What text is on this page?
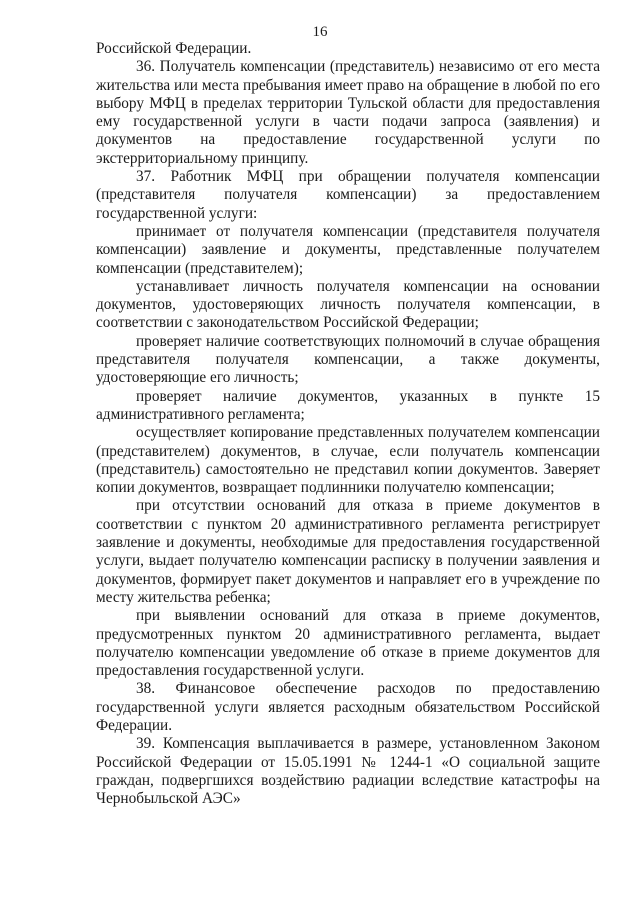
16

Российской Федерации.

36. Получатель компенсации (представитель) независимо от его места жительства или места пребывания имеет право на обращение в любой по его выбору МФЦ в пределах территории Тульской области для предоставления ему государственной услуги в части подачи запроса (заявления) и документов на предоставление государственной услуги по экстерриториальному принципу.

37. Работник МФЦ при обращении получателя компенсации (представителя получателя компенсации) за предоставлением государственной услуги:

принимает от получателя компенсации (представителя получателя компенсации) заявление и документы, представленные получателем компенсации (представителем);

устанавливает личность получателя компенсации на основании документов, удостоверяющих личность получателя компенсации, в соответствии с законодательством Российской Федерации;

проверяет наличие соответствующих полномочий в случае обращения представителя получателя компенсации, а также документы, удостоверяющие его личность;

проверяет наличие документов, указанных в пункте 15 административного регламента;

осуществляет копирование представленных получателем компенсации (представителем) документов, в случае, если получатель компенсации (представитель) самостоятельно не представил копии документов. Заверяет копии документов, возвращает подлинники получателю компенсации;

при отсутствии оснований для отказа в приеме документов в соответствии с пунктом 20 административного регламента регистрирует заявление и документы, необходимые для предоставления государственной услуги, выдает получателю компенсации расписку в получении заявления и документов, формирует пакет документов и направляет его в учреждение по месту жительства ребенка;

при выявлении оснований для отказа в приеме документов, предусмотренных пунктом 20 административного регламента, выдает получателю компенсации уведомление об отказе в приеме документов для предоставления государственной услуги.

38. Финансовое обеспечение расходов по предоставлению государственной услуги является расходным обязательством Российской Федерации.

39. Компенсация выплачивается в размере, установленном Законом Российской Федерации от 15.05.1991 № 1244-1 «О социальной защите граждан, подвергшихся воздействию радиации вследствие катастрофы на Чернобыльской АЭС»
